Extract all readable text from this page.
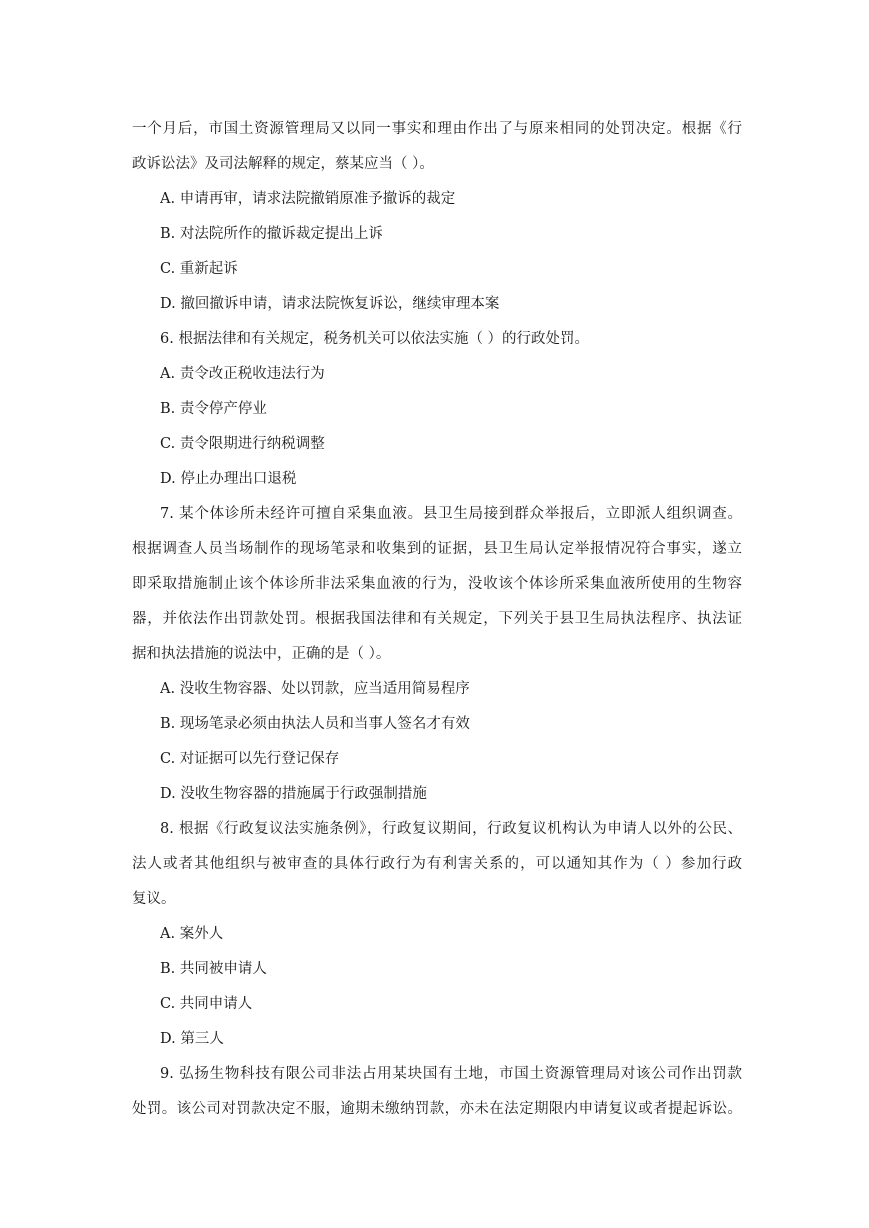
一个月后，市国土资源管理局又以同一事实和理由作出了与原来相同的处罚决定。根据《行
政诉讼法》及司法解释的规定，蔡某应当（ ）。
A. 申请再审，请求法院撤销原准予撤诉的裁定
B. 对法院所作的撤诉裁定提出上诉
C. 重新起诉
D. 撤回撤诉申请，请求法院恢复诉讼，继续审理本案
6. 根据法律和有关规定，税务机关可以依法实施（ ）的行政处罚。
A. 责令改正税收违法行为
B. 责令停产停业
C. 责令限期进行纳税调整
D. 停止办理出口退税
7. 某个体诊所未经许可擅自采集血液。县卫生局接到群众举报后，立即派人组织调查。
根据调查人员当场制作的现场笔录和收集到的证据，县卫生局认定举报情况符合事实，遂立
即采取措施制止该个体诊所非法采集血液的行为，没收该个体诊所采集血液所使用的生物容
器，并依法作出罚款处罚。根据我国法律和有关规定，下列关于县卫生局执法程序、执法证
据和执法措施的说法中，正确的是（ ）。
A. 没收生物容器、处以罚款，应当适用简易程序
B. 现场笔录必须由执法人员和当事人签名才有效
C. 对证据可以先行登记保存
D. 没收生物容器的措施属于行政强制措施
8. 根据《行政复议法实施条例》，行政复议期间，行政复议机构认为申请人以外的公民、
法人或者其他组织与被审查的具体行政行为有利害关系的，可以通知其作为（ ）参加行政
复议。
A. 案外人
B. 共同被申请人
C. 共同申请人
D. 第三人
9. 弘扬生物科技有限公司非法占用某块国有土地，市国土资源管理局对该公司作出罚款
处罚。该公司对罚款决定不服，逾期未缴纳罚款，亦未在法定期限内申请复议或者提起诉讼。
